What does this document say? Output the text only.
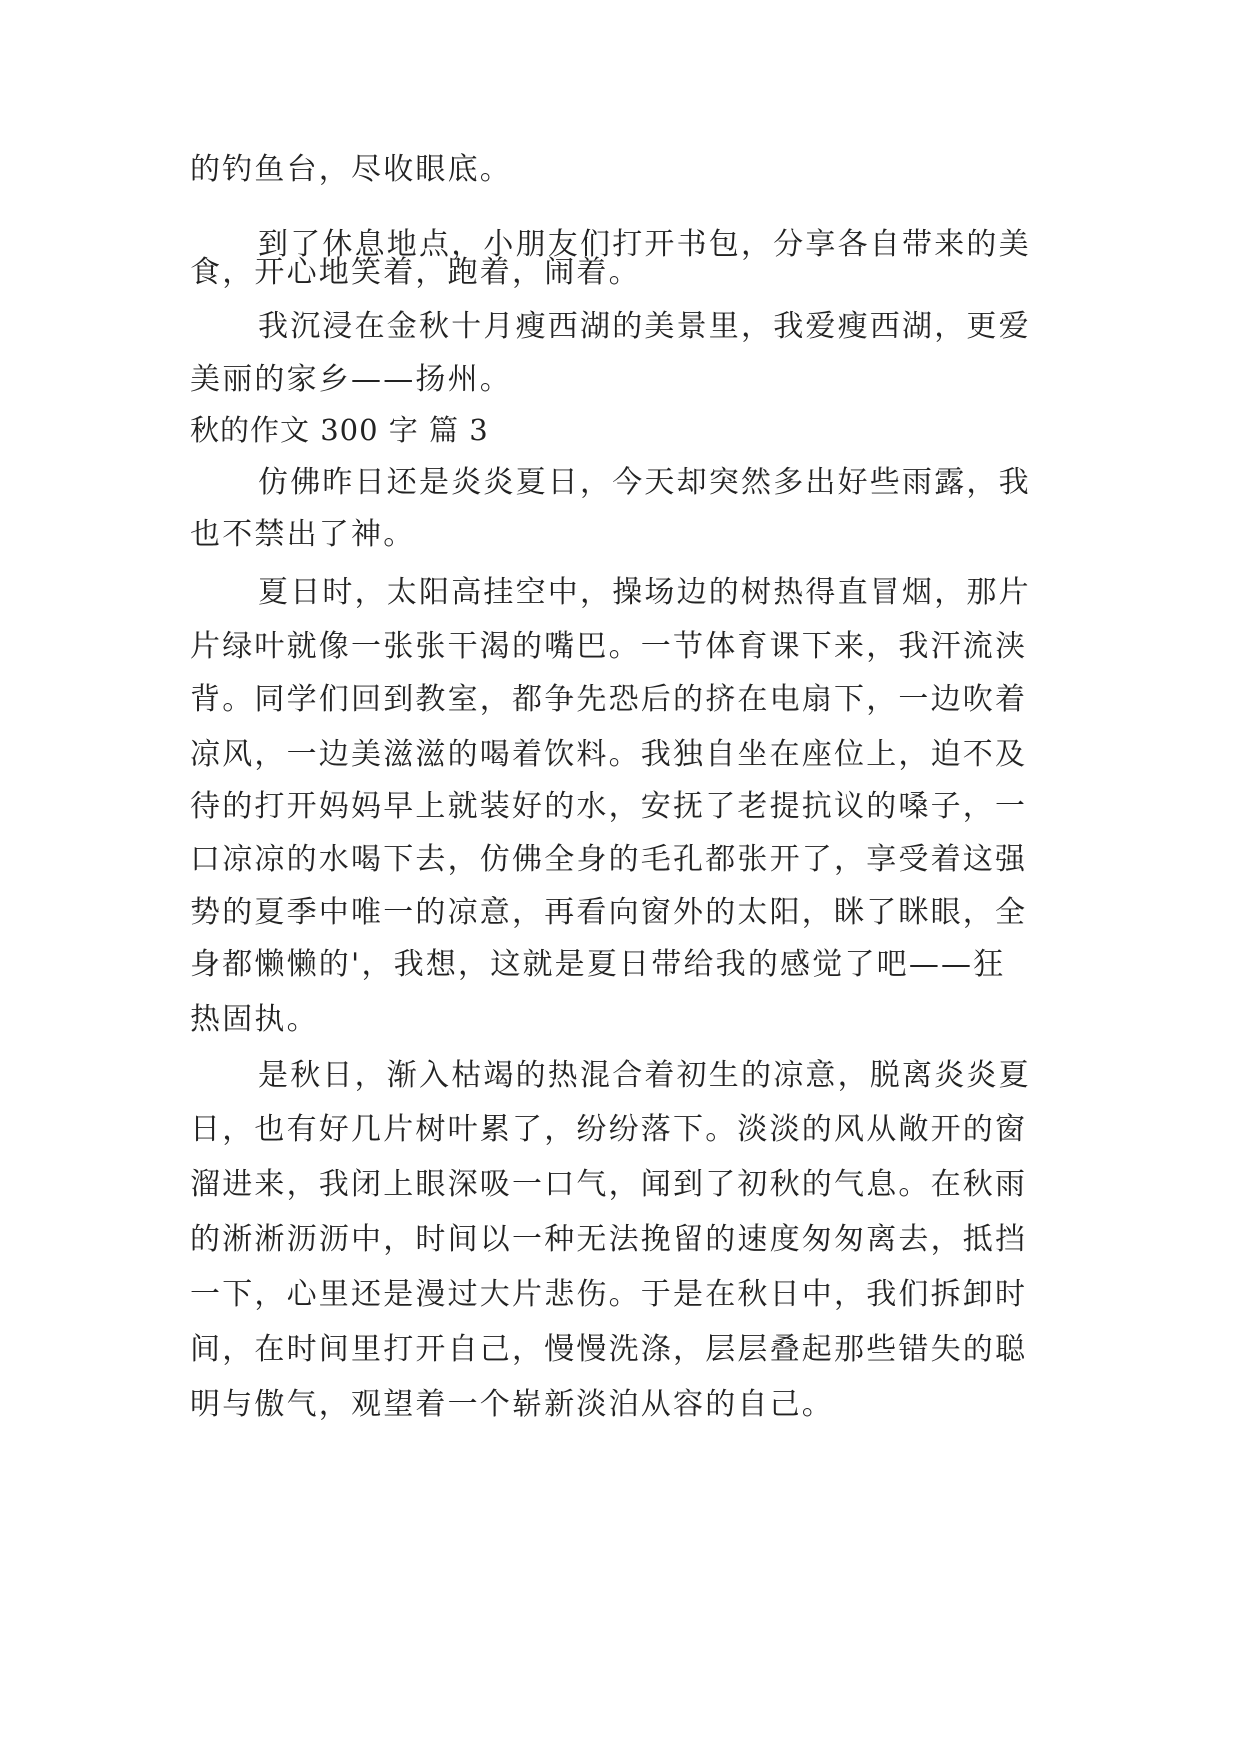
的钓鱼台，尽收眼底。
到了休息地点，小朋友们打开书包，分享各自带来的美
食，开心地笑着，跑着，闹着。
我沉浸在金秋十月瘦西湖的美景里，我爱瘦西湖，更爱
美丽的家乡——扬州。
秋的作文 300 字 篇 3
仿佛昨日还是炎炎夏日，今天却突然多出好些雨露，我
也不禁出了神。
夏日时，太阳高挂空中，操场边的树热得直冒烟，那片
片绿叶就像一张张干渴的嘴巴。一节体育课下来，我汗流浃
背。同学们回到教室，都争先恐后的挤在电扇下，一边吹着
凉风，一边美滋滋的喝着饮料。我独自坐在座位上，迫不及
待的打开妈妈早上就装好的水，安抚了老提抗议的嗓子，一
口凉凉的水喝下去，仿佛全身的毛孔都张开了，享受着这强
势的夏季中唯一的凉意，再看向窗外的太阳，眯了眯眼，全
身都懒懒的'，我想，这就是夏日带给我的感觉了吧——狂
热固执。
是秋日，渐入枯竭的热混合着初生的凉意，脱离炎炎夏
日，也有好几片树叶累了，纷纷落下。淡淡的风从敞开的窗
溜进来，我闭上眼深吸一口气，闻到了初秋的气息。在秋雨
的淅淅沥沥中，时间以一种无法挽留的速度匆匆离去，抵挡
一下，心里还是漫过大片悲伤。于是在秋日中，我们拆卸时
间，在时间里打开自己，慢慢洗涤，层层叠起那些错失的聪
明与傲气，观望着一个崭新淡泊从容的自己。
